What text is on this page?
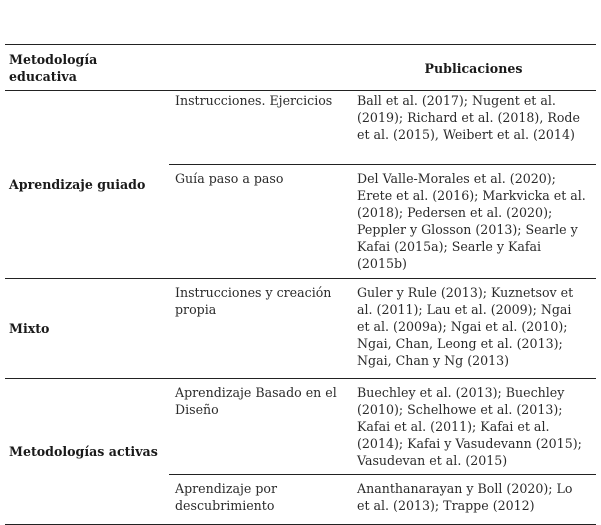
Metodología educativa		Publicaciones
Aprendizaje guiado	Instrucciones. Ejercicios	Ball et al. (2017); Nugent et al. (2019); Richard et al. (2018), Rode et al. (2015), Weibert et al. (2014)
	Guía paso a paso	Del Valle-Morales et al. (2020); Erete et al. (2016); Markvicka et al. (2018); Pedersen et al. (2020); Peppler y Glosson (2013); Searle y Kafai (2015a); Searle y Kafai (2015b)
Mixto	Instrucciones y creación propia	Guler y Rule (2013); Kuznetsov et al. (2011); Lau et al. (2009); Ngai et al. (2009a); Ngai et al. (2010); Ngai, Chan, Leong et al. (2013); Ngai, Chan y Ng (2013)
Metodologías activas	Aprendizaje Basado en el Diseño	Buechley et al. (2013); Buechley (2010); Schelhowe et al. (2013); Kafai et al. (2011); Kafai et al. (2014); Kafai y Vasudevann (2015); Vasudevan et al. (2015)
	Aprendizaje por descubrimiento	Ananthanarayan y Boll (2020); Lo et al. (2013); Trappe (2012)
